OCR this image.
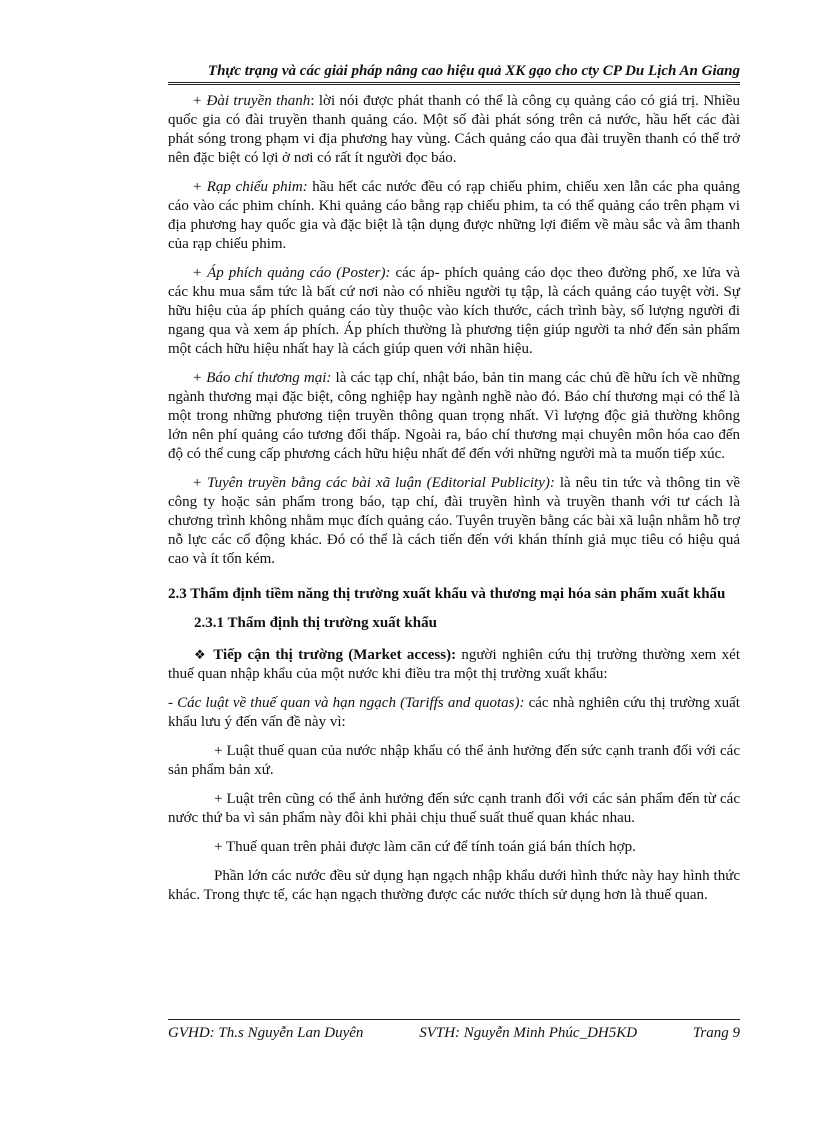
Thực trạng và các giải pháp nâng cao hiệu quả XK gạo cho cty CP Du Lịch An Giang

+ Đài truyền thanh: lời nói được phát thanh có thể là công cụ quảng cáo có giá trị. Nhiều quốc gia có đài truyền thanh quảng cáo. Một số đài phát sóng trên cả nước, hầu hết các đài phát sóng trong phạm vi địa phương hay vùng. Cách quảng cáo qua đài truyền thanh có thể trở nên đặc biệt có lợi ở nơi có rất ít người đọc báo.

+ Rạp chiếu phim: hầu hết các nước đều có rạp chiếu phim, chiếu xen lẫn các pha quảng cáo vào các phim chính. Khi quảng cáo bằng rạp chiếu phim, ta có thể quảng cáo trên phạm vi địa phương hay quốc gia và đặc biệt là tận dụng được những lợi điểm về màu sắc và âm thanh của rạp chiếu phim.

+ Áp phích quảng cáo (Poster): các áp- phích quảng cáo dọc theo đường phố, xe lửa và các khu mua sắm tức là bất cứ nơi nào có nhiều người tụ tập, là cách quảng cáo tuyệt vời. Sự hữu hiệu của áp phích quảng cáo tùy thuộc vào kích thước, cách trình bày, số lượng người đi ngang qua và xem áp phích. Áp phích thường là phương tiện giúp người ta nhớ đến sản phẩm một cách hữu hiệu nhất hay là cách giúp quen với nhãn hiệu.

+ Báo chí thương mại: là các tạp chí, nhật báo, bản tin mang các chủ đề hữu ích về những ngành thương mại đặc biệt, công nghiệp hay ngành nghề nào đó. Báo chí thương mại có thể là một trong những phương tiện truyền thông quan trọng nhất. Vì lượng độc giả thường không lớn nên phí quảng cáo tương đối thấp. Ngoài ra, báo chí thương mại chuyên môn hóa cao đến độ có thể cung cấp phương cách hữu hiệu nhất để đến với những người mà ta muốn tiếp xúc.

+ Tuyên truyền bằng các bài xã luận (Editorial Publicity): là nêu tin tức và thông tin về công ty hoặc sản phẩm trong báo, tạp chí, đài truyền hình và truyền thanh với tư cách là chương trình không nhằm mục đích quảng cáo. Tuyên truyền bằng các bài xã luận nhằm hỗ trợ nỗ lực các cổ động khác. Đó có thể là cách tiến đến với khán thính giả mục tiêu có hiệu quả cao và ít tốn kém.

2.3 Thẩm định tiềm năng thị trường xuất khẩu và thương mại hóa sản phẩm xuất khẩu
2.3.1 Thẩm định thị trường xuất khẩu

❖ Tiếp cận thị trường (Market access): người nghiên cứu thị trường thường xem xét thuế quan nhập khẩu của một nước khi điều tra một thị trường xuất khẩu:

- Các luật về thuế quan và hạn ngạch (Tariffs and quotas): các nhà nghiên cứu thị trường xuất khẩu lưu ý đến vấn đề này vì:

+ Luật thuế quan của nước nhập khẩu có thể ảnh hưởng đến sức cạnh tranh đối với các sản phẩm bản xứ.

+ Luật trên cũng có thể ảnh hưởng đến sức cạnh tranh đối với các sản phẩm đến từ các nước thứ ba vì sản phẩm này đôi khi phải chịu thuế suất thuế quan khác nhau.

+ Thuế quan trên phải được làm căn cứ để tính toán giá bán thích hợp.

Phần lớn các nước đều sử dụng hạn ngạch nhập khẩu dưới hình thức này hay hình thức khác. Trong thực tế, các hạn ngạch thường được các nước thích sử dụng hơn là thuế quan.

GVHD: Th.s Nguyễn Lan Duyên	SVTH: Nguyễn Minh Phúc_DH5KD	Trang 9
